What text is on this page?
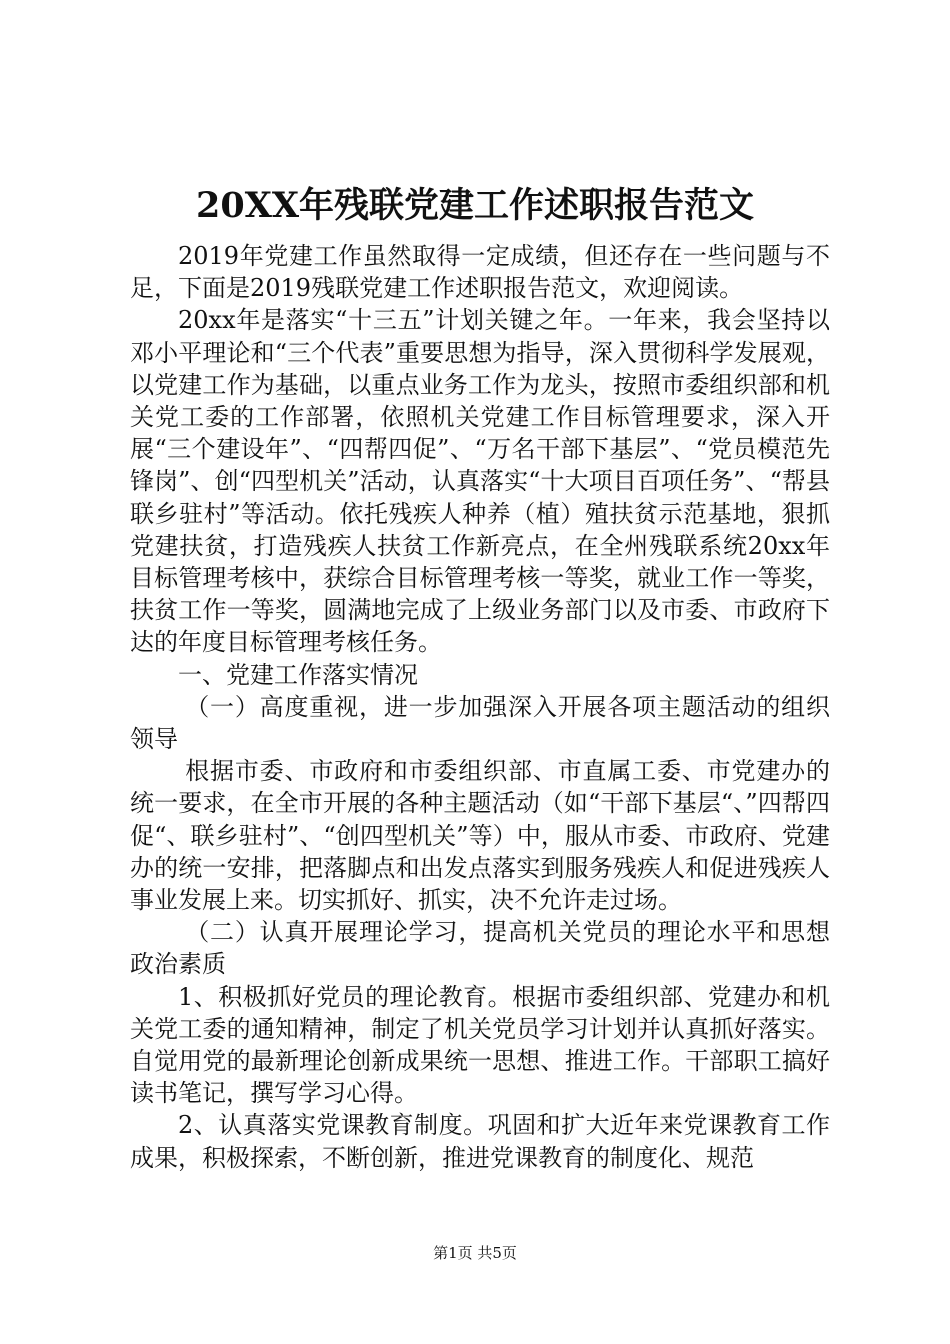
20XX年残联党建工作述职报告范文

2019年党建工作虽然取得一定成绩，但还存在一些问题与不足，下面是2019残联党建工作述职报告范文，欢迎阅读。

20xx年是落实“十三五”计划关键之年。一年来，我会坚持以邓小平理论和“三个代表”重要思想为指导，深入贯彻科学发展观，以党建工作为基础，以重点业务工作为龙头，按照市委组织部和机关党工委的工作部署，依照机关党建工作目标管理要求，深入开展“三个建设年”、“四帮四促”、“万名干部下基层”、“党员模范先锋岗”、创“四型机关”活动，认真落实“十大项目百项任务”、“帮县联乡驻村”等活动。依托残疾人种养（植）殖扶贫示范基地，狠抓党建扶贫，打造残疾人扶贫工作新亮点，在全州残联系统20xx年目标管理考核中，获综合目标管理考核一等奖，就业工作一等奖，扶贫工作一等奖，圆满地完成了上级业务部门以及市委、市政府下达的年度目标管理考核任务。

一、党建工作落实情况

（一）高度重视，进一步加强深入开展各项主题活动的组织领导

根据市委、市政府和市委组织部、市直属工委、市党建办的统一要求，在全市开展的各种主题活动（如“干部下基层“、”四帮四促“、联乡驻村”、“创四型机关”等）中，服从市委、市政府、党建办的统一安排，把落脚点和出发点落实到服务残疾人和促进残疾人事业发展上来。切实抓好、抓实，决不允许走过场。

（二）认真开展理论学习，提高机关党员的理论水平和思想政治素质

1、积极抓好党员的理论教育。根据市委组织部、党建办和机关党工委的通知精神，制定了机关党员学习计划并认真抓好落实。自觉用党的最新理论创新成果统一思想、推进工作。干部职工搞好读书笔记，撰写学习心得。

2、认真落实党课教育制度。巩固和扩大近年来党课教育工作成果，积极探索，不断创新，推进党课教育的制度化、规范

第1页 共5页
